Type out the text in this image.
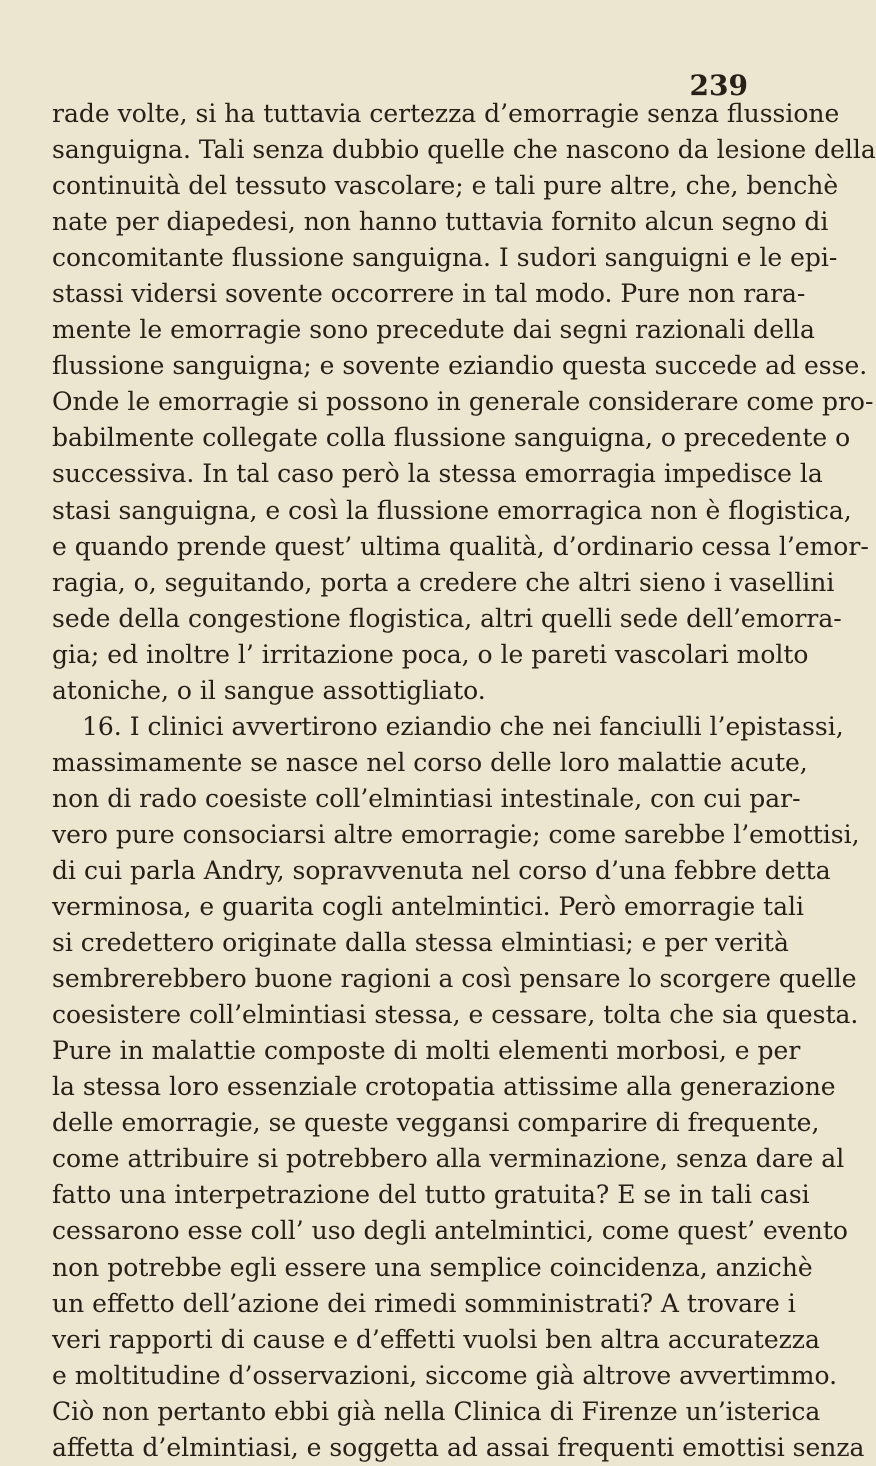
239
rade volte, si ha tuttavia certezza d’emorragie senza flussione
sanguigna. Tali senza dubbio quelle che nascono da lesione della
continuità del tessuto vascolare; e tali pure altre, che, benchè
nate per diapedesi, non hanno tuttavia fornito alcun segno di
concomitante flussione sanguigna. I sudori sanguigni e le epi-
stassi vidersi sovente occorrere in tal modo. Pure non rara-
mente le emorragie sono precedute dai segni razionali della
flussione sanguigna; e sovente eziandio questa succede ad esse.
Onde le emorragie si possono in generale considerare come pro-
babilmente collegate colla flussione sanguigna, o precedente o
successiva. In tal caso però la stessa emorragia impedisce la
stasi sanguigna, e così la flussione emorragica non è flogistica,
e quando prende quest’ ultima qualità, d’ordinario cessa l’emor-
ragia, o, seguitando, porta a credere che altri sieno i vasellini
sede della congestione flogistica, altri quelli sede dell’emorra-
gia; ed inoltre l’ irritazione poca, o le pareti vascolari molto
atoniche, o il sangue assottigliato.
16. I clinici avvertirono eziandio che nei fanciulli l’epistassi,
massimamente se nasce nel corso delle loro malattie acute,
non di rado coesiste coll’elmintiasi intestinale, con cui par-
vero pure consociarsi altre emorragie; come sarebbe l’emottisi,
di cui parla Andry, sopravvenuta nel corso d’una febbre detta
verminosa, e guarita cogli antelmintici. Però emorragie tali
si credettero originate dalla stessa elmintiasi; e per verità
sembrerebbero buone ragioni a così pensare lo scorgere quelle
coesistere coll’elmintiasi stessa, e cessare, tolta che sia questa.
Pure in malattie composte di molti elementi morbosi, e per
la stessa loro essenziale crotopatia attissime alla generazione
delle emorragie, se queste veggansi comparire di frequente,
come attribuire si potrebbero alla verminazione, senza dare al
fatto una interpetrazione del tutto gratuita? E se in tali casi
cessarono esse coll’ uso degli antelmintici, come quest’ evento
non potrebbe egli essere una semplice coincidenza, anzichè
un effetto dell’azione dei rimedi somministrati? A trovare i
veri rapporti di cause e d’effetti vuolsi ben altra accuratezza
e moltitudine d’osservazioni, siccome già altrove avvertimmo.
Ciò non pertanto ebbi già nella Clinica di Firenze un’isterica
affetta d’elmintiasi, e soggetta ad assai frequenti emottisi senza
